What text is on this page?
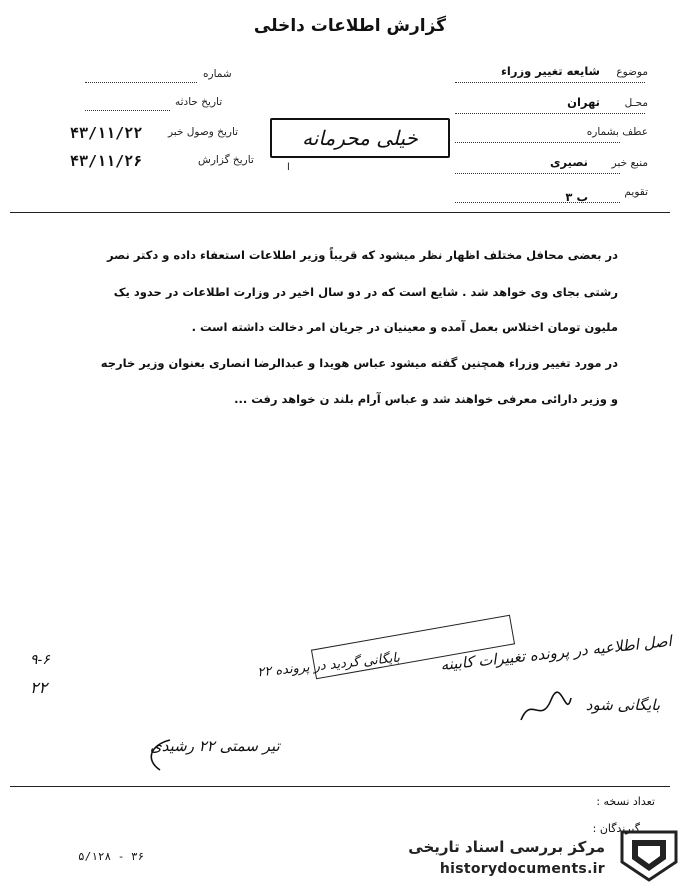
گزارش اطلاعات داخلی
موضوع
شایعه تغییر وزراء
محـل
تهران
عطف بشماره
منبع خبر
نصیری
تقویم
ب ۳
شماره
تاریخ حادثه
تاریخ وصول خبر
۴۳/۱۱/۲۲
تاریخ گزارش
۴۳/۱۱/۲۶
خیلی محرمانه
ا
در بعضی محافل مختلف اظهار نظر میشود که قریباً وزیر اطلاعات استعفاء داده و دکتر نصر
رشتی بجای وی خواهد شد . شایع است که در دو سال اخیر در وزارت اطلاعات در حدود یک
ملیون تومان اختلاس بعمل آمده و معینیان در جریان امر دخالت داشته است .
در مورد تغییر وزراء همچنین گفته میشود عباس هویدا و عبدالرضا انصاری بعنوان وزیر خارجه
و وزیر دارائی معرفی خواهند شد و عباس آرام بلند ن خواهد رفت ...
اصل اطلاعیه در پرونده تغییرات کابینه
بایگانی گردید در پرونده ۲۲
۹-۶
۲۲
بایگانی شود
تیر سمتی ۲۲ رشیدی
تعداد نسخه :
گیرندگان :
۵/۱۲۸ - ۳۶
مرکز بررسی اسناد تاریخی
historydocuments.ir
